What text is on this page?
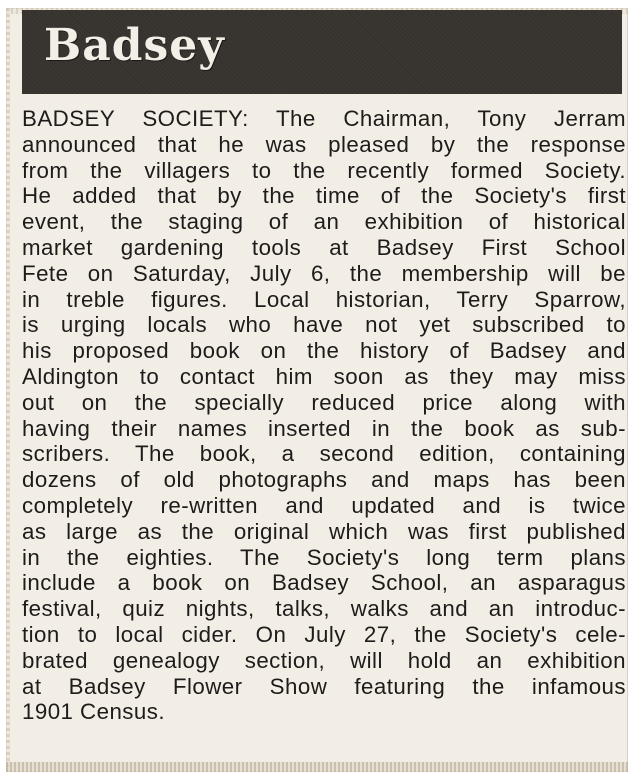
Badsey
BADSEY SOCIETY: The Chairman, Tony Jerram
announced that he was pleased by the response
from the villagers to the recently formed Society.
He added that by the time of the Society's first
event, the staging of an exhibition of historical
market gardening tools at Badsey First School
Fete on Saturday, July 6, the membership will be
in treble figures. Local historian, Terry Sparrow,
is urging locals who have not yet subscribed to
his proposed book on the history of Badsey and
Aldington to contact him soon as they may miss
out on the specially reduced price along with
having their names inserted in the book as sub-
scribers. The book, a second edition, containing
dozens of old photographs and maps has been
completely re-written and updated and is twice
as large as the original which was first published
in the eighties. The Society's long term plans
include a book on Badsey School, an asparagus
festival, quiz nights, talks, walks and an introduc-
tion to local cider. On July 27, the Society's cele-
brated genealogy section, will hold an exhibition
at Badsey Flower Show featuring the infamous
1901 Census.
